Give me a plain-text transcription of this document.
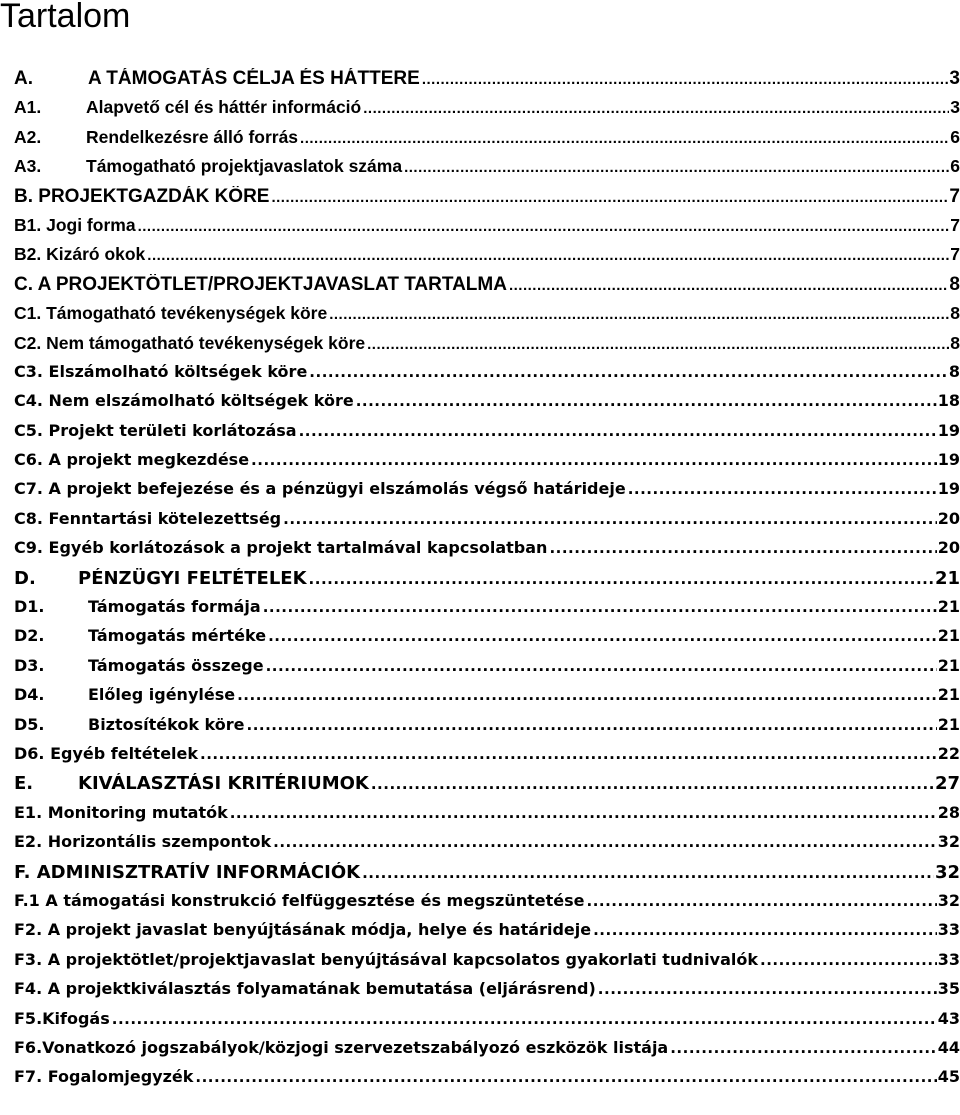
Tartalom
A.	A TÁMOGATÁS CÉLJA ÉS HÁTTERE .....	3
A1.	Alapvető cél és háttér információ .....	3
A2.	Rendelkezésre álló forrás .....	6
A3.	Támogatható projektjavaslatok száma .....	6
B. PROJEKTGAZDÁK KÖRE .....	7
B1. Jogi forma .....	7
B2. Kizáró okok .....	7
C. A PROJEKTÖTLET/PROJEKTJAVASLAT TARTALMA .....	8
C1. Támogatható tevékenységek köre .....	8
C2. Nem támogatható tevékenységek köre .....	8
C3. Elszámolható költségek köre .....	8
C4. Nem elszámolható költségek köre .....	18
C5. Projekt területi korlátozása .....	19
C6. A projekt megkezdése .....	19
C7. A projekt befejezése és a pénzügyi elszámolás végső határideje .....	19
C8. Fenntartási kötelezettség .....	20
C9. Egyéb korlátozások a projekt tartalmával kapcsolatban .....	20
D.	PÉNZÜGYI FELTÉTELEK .....	21
D1.	Támogatás formája .....	21
D2.	Támogatás mértéke .....	21
D3.	Támogatás összege .....	21
D4.	Előleg igénylése .....	21
D5.	Biztosítékok köre .....	21
D6. Egyéb feltételek .....	22
E.	KIVÁLASZTÁSI KRITÉRIUMOK .....	27
E1. Monitoring mutatók .....	28
E2. Horizontális szempontok .....	32
F. ADMINISZTRATÍV INFORMÁCIÓK .....	32
F.1 A támogatási konstrukció felfüggesztése és megszüntetése .....	32
F2. A projekt javaslat benyújtásának módja, helye és határideje .....	33
F3. A projektötlet/projektjavaslat benyújtásával kapcsolatos gyakorlati tudnivalók .....	33
F4. A projektkiválasztás folyamatának bemutatása (eljárásrend) .....	35
F5.Kifogás .....	43
F6.Vonatkozó jogszabályok/közjogi szervezetszabályozó eszközök listája .....	44
F7. Fogalomjegyzék .....	45
